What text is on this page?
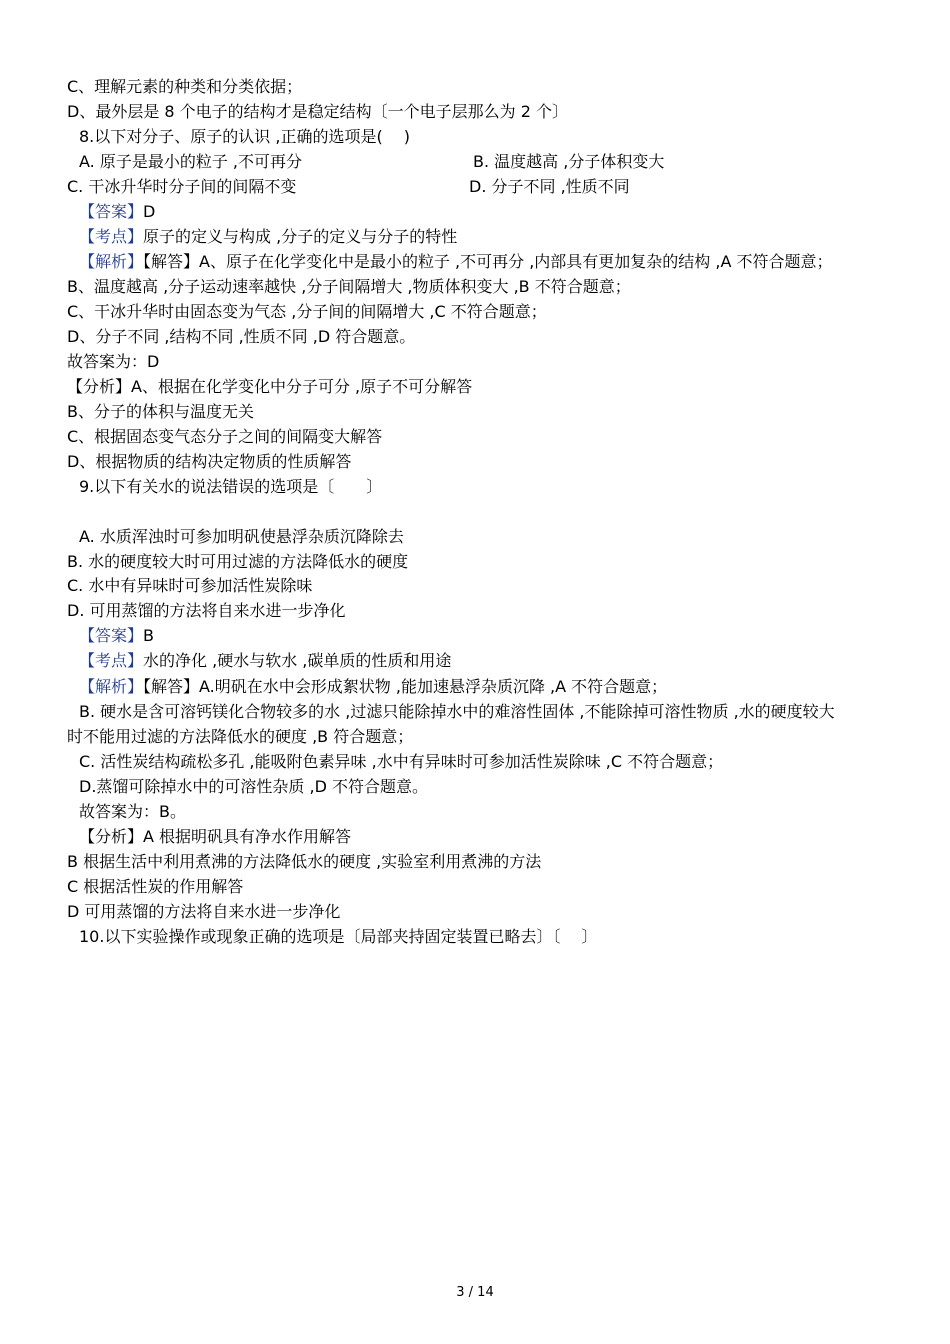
C、理解元素的种类和分类依据；
D、最外层是 8 个电子的结构才是稳定结构〔一个电子层那么为 2 个〕
8.以下对分子、原子的认识 ,正确的选项是(　 )
A. 原子是最小的粒子 ,不可再分	B. 温度越高 ,分子体积变大
C. 干冰升华时分子间的间隔不变	D. 分子不同 ,性质不同
【答案】D
【考点】原子的定义与构成 ,分子的定义与分子的特性
【解析】【解答】A、原子在化学变化中是最小的粒子 ,不可再分 ,内部具有更加复杂的结构 ,A 不符合题意；
B、温度越高 ,分子运动速率越快 ,分子间隔增大 ,物质体积变大 ,B 不符合题意；
C、干冰升华时由固态变为气态 ,分子间的间隔增大 ,C 不符合题意；
D、分子不同 ,结构不同 ,性质不同 ,D 符合题意。
故答案为：D
【分析】A、根据在化学变化中分子可分 ,原子不可分解答
B、分子的体积与温度无关
C、根据固态变气态分子之间的间隔变大解答
D、根据物质的结构决定物质的性质解答
9.以下有关水的说法错误的选项是〔　　〕
A. 水质浑浊时可参加明矾使悬浮杂质沉降除去
B. 水的硬度较大时可用过滤的方法降低水的硬度
C. 水中有异味时可参加活性炭除味
D. 可用蒸馏的方法将自来水进一步净化
【答案】B
【考点】水的净化 ,硬水与软水 ,碳单质的性质和用途
【解析】【解答】A.明矾在水中会形成絮状物 ,能加速悬浮杂质沉降 ,A 不符合题意；
B. 硬水是含可溶钙镁化合物较多的水 ,过滤只能除掉水中的难溶性固体 ,不能除掉可溶性物质 ,水的硬度较大
时不能用过滤的方法降低水的硬度 ,B 符合题意；
C. 活性炭结构疏松多孔 ,能吸附色素异味 ,水中有异味时可参加活性炭除味 ,C 不符合题意；
D.蒸馏可除掉水中的可溶性杂质 ,D 不符合题意。
故答案为：B。
【分析】A 根据明矾具有净水作用解答
B 根据生活中利用煮沸的方法降低水的硬度 ,实验室利用煮沸的方法
C 根据活性炭的作用解答
D 可用蒸馏的方法将自来水进一步净化
10.以下实验操作或现象正确的选项是〔局部夹持固定装置已略去〕〔　 〕
3 / 14
